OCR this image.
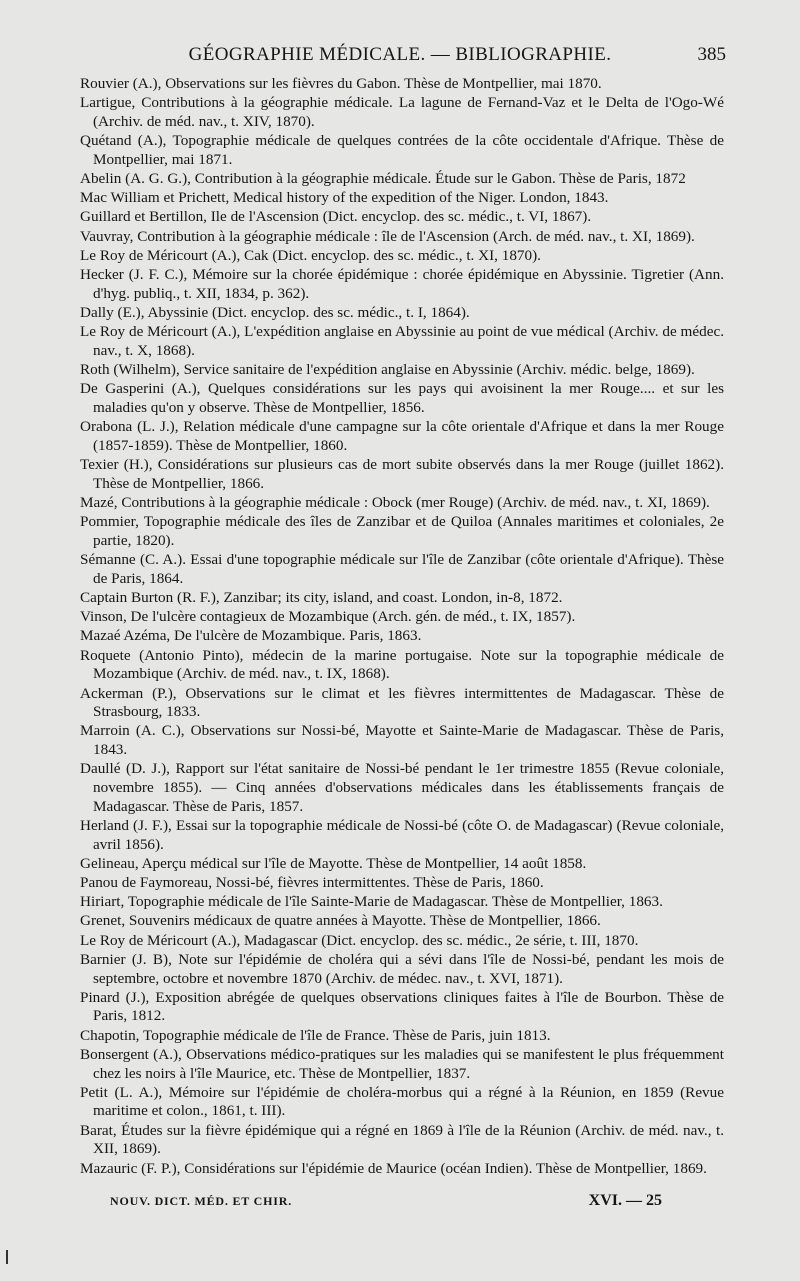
GÉOGRAPHIE MÉDICALE. — BIBLIOGRAPHIE.	385
Rouvier (A.), Observations sur les fièvres du Gabon. Thèse de Montpellier, mai 1870.
Lartigue, Contributions à la géographie médicale. La lagune de Fernand-Vaz et le Delta de l'Ogo-Wé (Archiv. de méd. nav., t. XIV, 1870).
Quétand (A.), Topographie médicale de quelques contrées de la côte occidentale d'Afrique. Thèse de Montpellier, mai 1871.
Abelin (A. G. G.), Contribution à la géographie médicale. Étude sur le Gabon. Thèse de Paris, 1872
Mac William et Prichett, Medical history of the expedition of the Niger. London, 1843.
Guillard et Bertillon, Ile de l'Ascension (Dict. encyclop. des sc. médic., t. VI, 1867).
Vauvray, Contribution à la géographie médicale : île de l'Ascension (Arch. de méd. nav., t. XI, 1869).
Le Roy de Méricourt (A.), Cak (Dict. encyclop. des sc. médic., t. XI, 1870).
Hecker (J. F. C.), Mémoire sur la chorée épidémique : chorée épidémique en Abyssinie. Tigretier (Ann. d'hyg. publiq., t. XII, 1834, p. 362).
Dally (E.), Abyssinie (Dict. encyclop. des sc. médic., t. I, 1864).
Le Roy de Méricourt (A.), L'expédition anglaise en Abyssinie au point de vue médical (Archiv. de médec. nav., t. X, 1868).
Roth (Wilhelm), Service sanitaire de l'expédition anglaise en Abyssinie (Archiv. médic. belge, 1869).
De Gasperini (A.), Quelques considérations sur les pays qui avoisinent la mer Rouge.... et sur les maladies qu'on y observe. Thèse de Montpellier, 1856.
Orabona (L. J.), Relation médicale d'une campagne sur la côte orientale d'Afrique et dans la mer Rouge (1857-1859). Thèse de Montpellier, 1860.
Texier (H.), Considérations sur plusieurs cas de mort subite observés dans la mer Rouge (juillet 1862). Thèse de Montpellier, 1866.
Mazé, Contributions à la géographie médicale : Obock (mer Rouge) (Archiv. de méd. nav., t. XI, 1869).
Pommier, Topographie médicale des îles de Zanzibar et de Quiloa (Annales maritimes et coloniales, 2e partie, 1820).
Sémanne (C. A.). Essai d'une topographie médicale sur l'île de Zanzibar (côte orientale d'Afrique). Thèse de Paris, 1864.
Captain Burton (R. F.), Zanzibar; its city, island, and coast. London, in-8, 1872.
Vinson, De l'ulcère contagieux de Mozambique (Arch. gén. de méd., t. IX, 1857).
Mazaé Azéma, De l'ulcère de Mozambique. Paris, 1863.
Roquete (Antonio Pinto), médecin de la marine portugaise. Note sur la topographie médicale de Mozambique (Archiv. de méd. nav., t. IX, 1868).
Ackerman (P.), Observations sur le climat et les fièvres intermittentes de Madagascar. Thèse de Strasbourg, 1833.
Marroin (A. C.), Observations sur Nossi-bé, Mayotte et Sainte-Marie de Madagascar. Thèse de Paris, 1843.
Daullé (D. J.), Rapport sur l'état sanitaire de Nossi-bé pendant le 1er trimestre 1855 (Revue coloniale, novembre 1855). — Cinq années d'observations médicales dans les établissements français de Madagascar. Thèse de Paris, 1857.
Herland (J. F.), Essai sur la topographie médicale de Nossi-bé (côte O. de Madagascar) (Revue coloniale, avril 1856).
Gelineau, Aperçu médical sur l'île de Mayotte. Thèse de Montpellier, 14 août 1858.
Panou de Faymoreau, Nossi-bé, fièvres intermittentes. Thèse de Paris, 1860.
Hiriart, Topographie médicale de l'île Sainte-Marie de Madagascar. Thèse de Montpellier, 1863.
Grenet, Souvenirs médicaux de quatre années à Mayotte. Thèse de Montpellier, 1866.
Le Roy de Méricourt (A.), Madagascar (Dict. encyclop. des sc. médic., 2e série, t. III, 1870.
Barnier (J. B), Note sur l'épidémie de choléra qui a sévi dans l'île de Nossi-bé, pendant les mois de septembre, octobre et novembre 1870 (Archiv. de médec. nav., t. XVI, 1871).
Pinard (J.), Exposition abrégée de quelques observations cliniques faites à l'île de Bourbon. Thèse de Paris, 1812.
Chapotin, Topographie médicale de l'île de France. Thèse de Paris, juin 1813.
Bonsergent (A.), Observations médico-pratiques sur les maladies qui se manifestent le plus fréquemment chez les noirs à l'île Maurice, etc. Thèse de Montpellier, 1837.
Petit (L. A.), Mémoire sur l'épidémie de choléra-morbus qui a régné à la Réunion, en 1859 (Revue maritime et colon., 1861, t. III).
Barat, Études sur la fièvre épidémique qui a régné en 1869 à l'île de la Réunion (Archiv. de méd. nav., t. XII, 1869).
Mazauric (F. P.), Considérations sur l'épidémie de Maurice (océan Indien). Thèse de Montpellier, 1869.
NOUV. DICT. MÉD. ET CHIR.	XVI. — 25
